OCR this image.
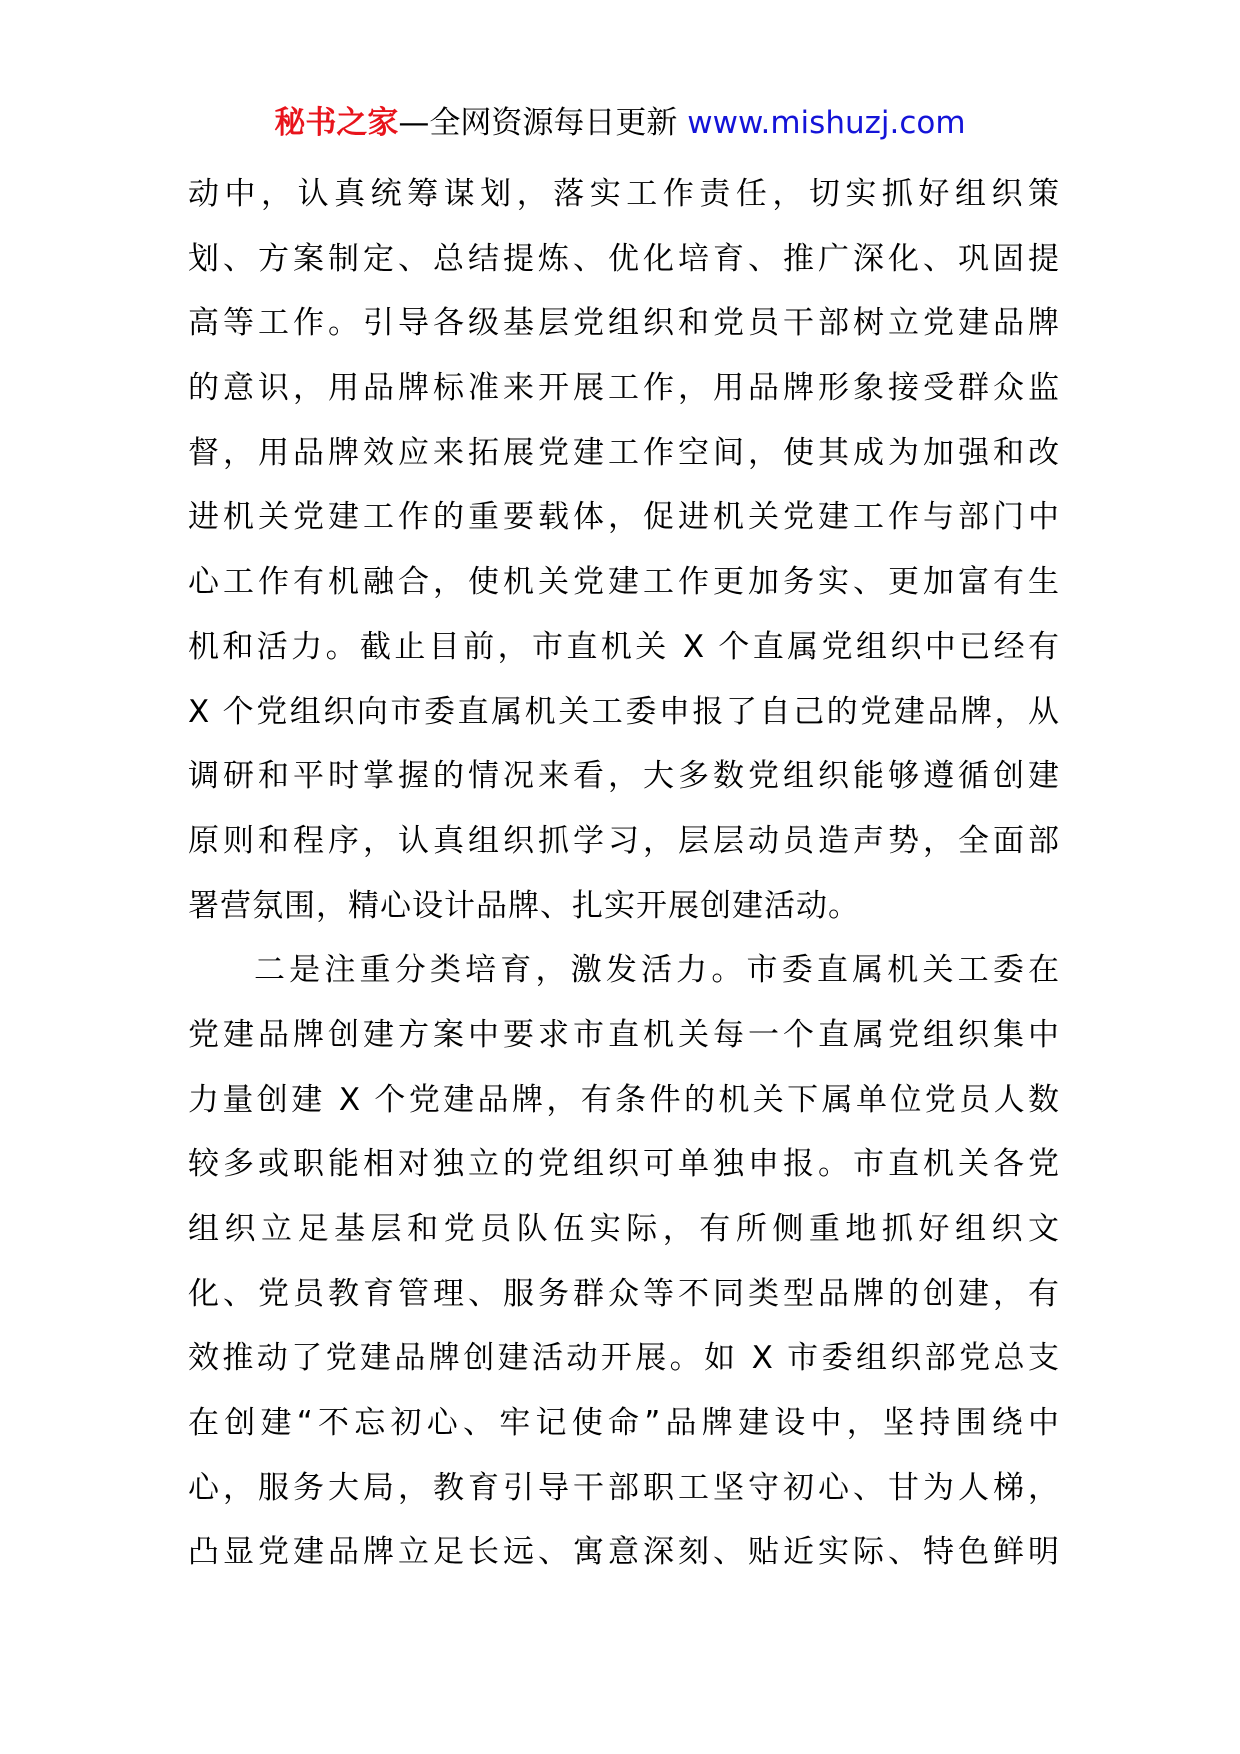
秘书之家—全网资源每日更新 www.mishuzj.com
动中，认真统筹谋划，落实工作责任，切实抓好组织策
划、方案制定、总结提炼、优化培育、推广深化、巩固提
高等工作。引导各级基层党组织和党员干部树立党建品牌
的意识，用品牌标准来开展工作，用品牌形象接受群众监
督，用品牌效应来拓展党建工作空间，使其成为加强和改
进机关党建工作的重要载体，促进机关党建工作与部门中
心工作有机融合，使机关党建工作更加务实、更加富有生
机和活力。截止目前，市直机关 X 个直属党组织中已经有
X 个党组织向市委直属机关工委申报了自己的党建品牌，从
调研和平时掌握的情况来看，大多数党组织能够遵循创建
原则和程序，认真组织抓学习，层层动员造声势，全面部
署营氛围，精心设计品牌、扎实开展创建活动。
二是注重分类培育，激发活力。市委直属机关工委在
党建品牌创建方案中要求市直机关每一个直属党组织集中
力量创建 X 个党建品牌，有条件的机关下属单位党员人数
较多或职能相对独立的党组织可单独申报。市直机关各党
组织立足基层和党员队伍实际，有所侧重地抓好组织文
化、党员教育管理、服务群众等不同类型品牌的创建，有
效推动了党建品牌创建活动开展。如 X 市委组织部党总支
在创建“不忘初心、牢记使命”品牌建设中，坚持围绕中
心，服务大局，教育引导干部职工坚守初心、甘为人梯，
凸显党建品牌立足长远、寓意深刻、贴近实际、特色鲜明
